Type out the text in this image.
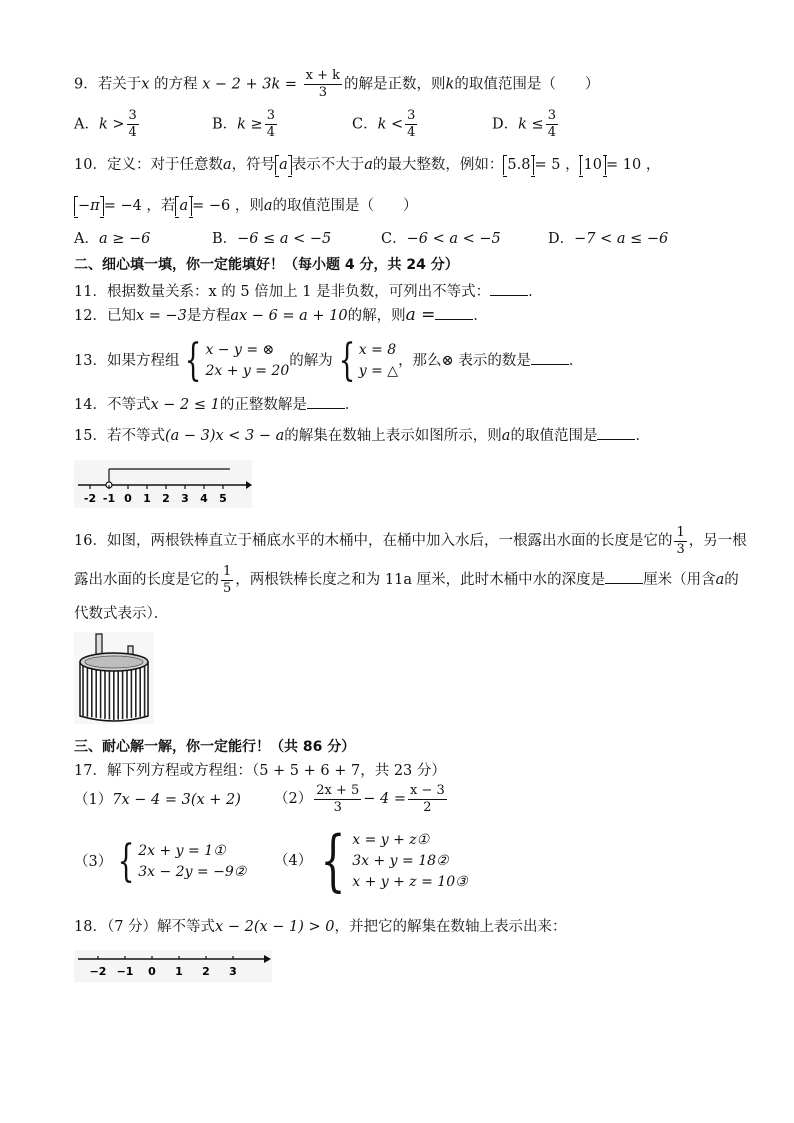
9．若关于x 的方程 $x - 2 + 3k = \frac{x + k}{3}$ 的解是正数，则k的取值范围是（　　）
A．$k > \frac{3}{4}$	B．$k \ge \frac{3}{4}$	C．$k < \frac{3}{4}$	D．$k \le \frac{3}{4}$
10．定义：对于任意数a，符号 a 表示不大于a的最大整数，例如： 5.8 = 5 ， 10 = 10 ，
−π = −4 ，若 a = −6 ，则a的取值范围是（　　）
A．a ≥ −6	B．−6 ≤ a < −5	C．−6 < a < −5	D．−7 < a ≤ −6
二、细心填一填，你一定能填好！（每小题 4 分，共 24 分）
11．根据数量关系：x 的 5 倍加上 1 是非负数，可列出不等式：	．
12．已知x = −3是方程ax − 6 = a + 10的解，则a =	．
13．如果方程组 { x − y = ⊗
2x + y = 20
的解为 { x = 8
y = △
，那么⊗ 表示的数是	．
14．不等式x − 2 ≤ 1的正整数解是	．
15．若不等式(a − 3)x < 3 − a的解集在数轴上表示如图所示，则a的取值范围是	．
-2 -1 0 1 2 3 4 5
16．如图，两根铁棒直立于桶底水平的木桶中，在桶中加入水后，一根露出水面的长度是它的 $\frac{1}{3}$ ，另一根
露出水面的长度是它的 $\frac{1}{5}$ ，两根铁棒长度之和为 11a 厘米，此时木桶中水的深度是	厘米（用含a的
代数式表示）．
三、耐心解一解，你一定能行！（共 86 分）
17．解下列方程或方程组：（5 + 5 + 6 + 7，共 23 分）
（1）7x − 4 = 3(x + 2) $(2) \frac{2x + 5}{3} - 4 = \frac{x - 3}{2}$
（3） { 2x + y = 1①
3x − 2y = −9②
（4） { x = y + z①
3x + y = 18②
x + y + z = 10③
18．（7 分）解不等式x − 2(x − 1) > 0，并把它的解集在数轴上表示出来：
−2 −1 0 1 2 3
